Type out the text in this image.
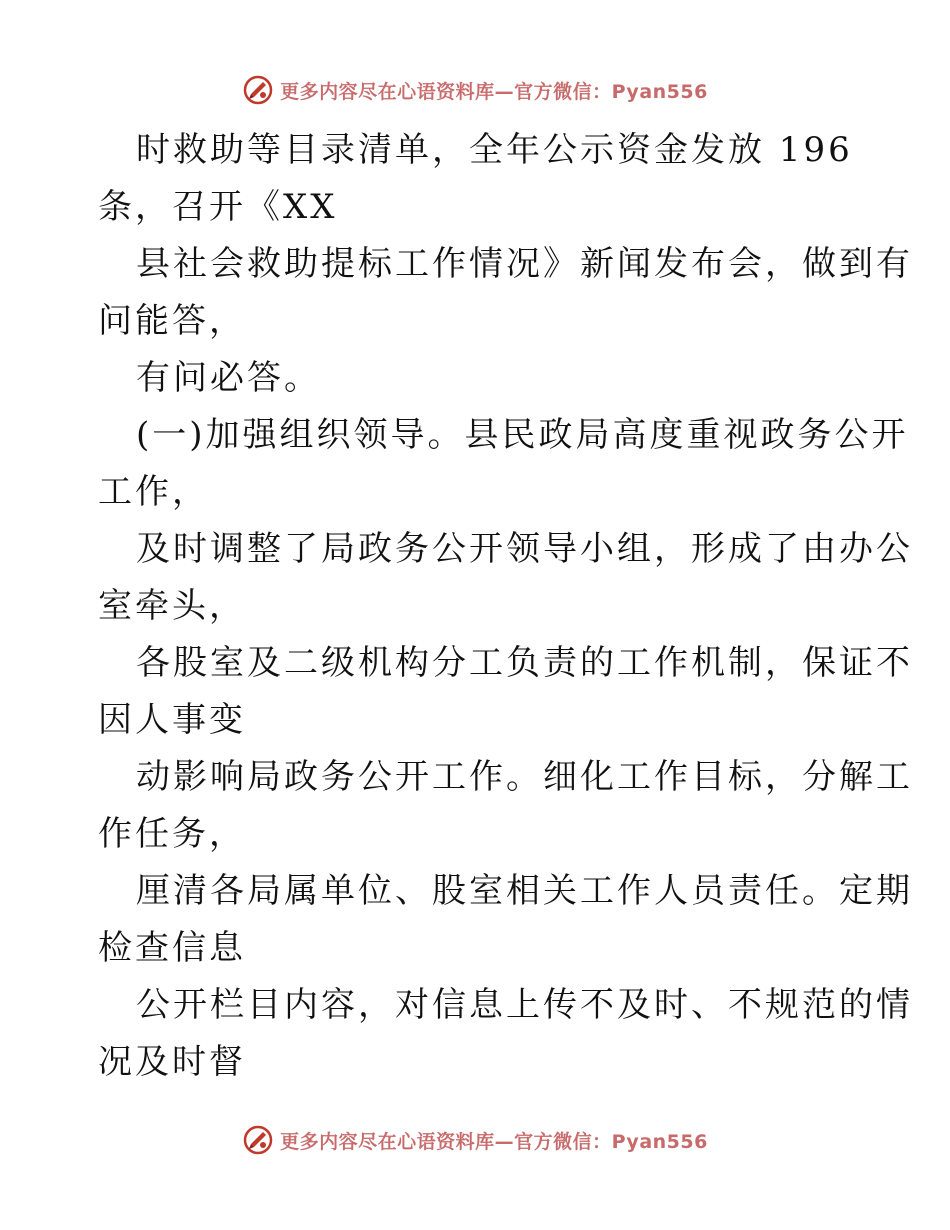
更多内容尽在心语资料库—官方微信：Pyan556
时救助等目录清单，全年公示资金发放 196
条，召开《XX
县社会救助提标工作情况》新闻发布会，做到有
问能答，
有问必答。
(一)加强组织领导。县民政局高度重视政务公开
工作，
及时调整了局政务公开领导小组，形成了由办公
室牵头，
各股室及二级机构分工负责的工作机制，保证不
因人事变
动影响局政务公开工作。细化工作目标，分解工
作任务，
厘清各局属单位、股室相关工作人员责任。定期
检查信息
公开栏目内容，对信息上传不及时、不规范的情
况及时督
更多内容尽在心语资料库—官方微信：Pyan556
